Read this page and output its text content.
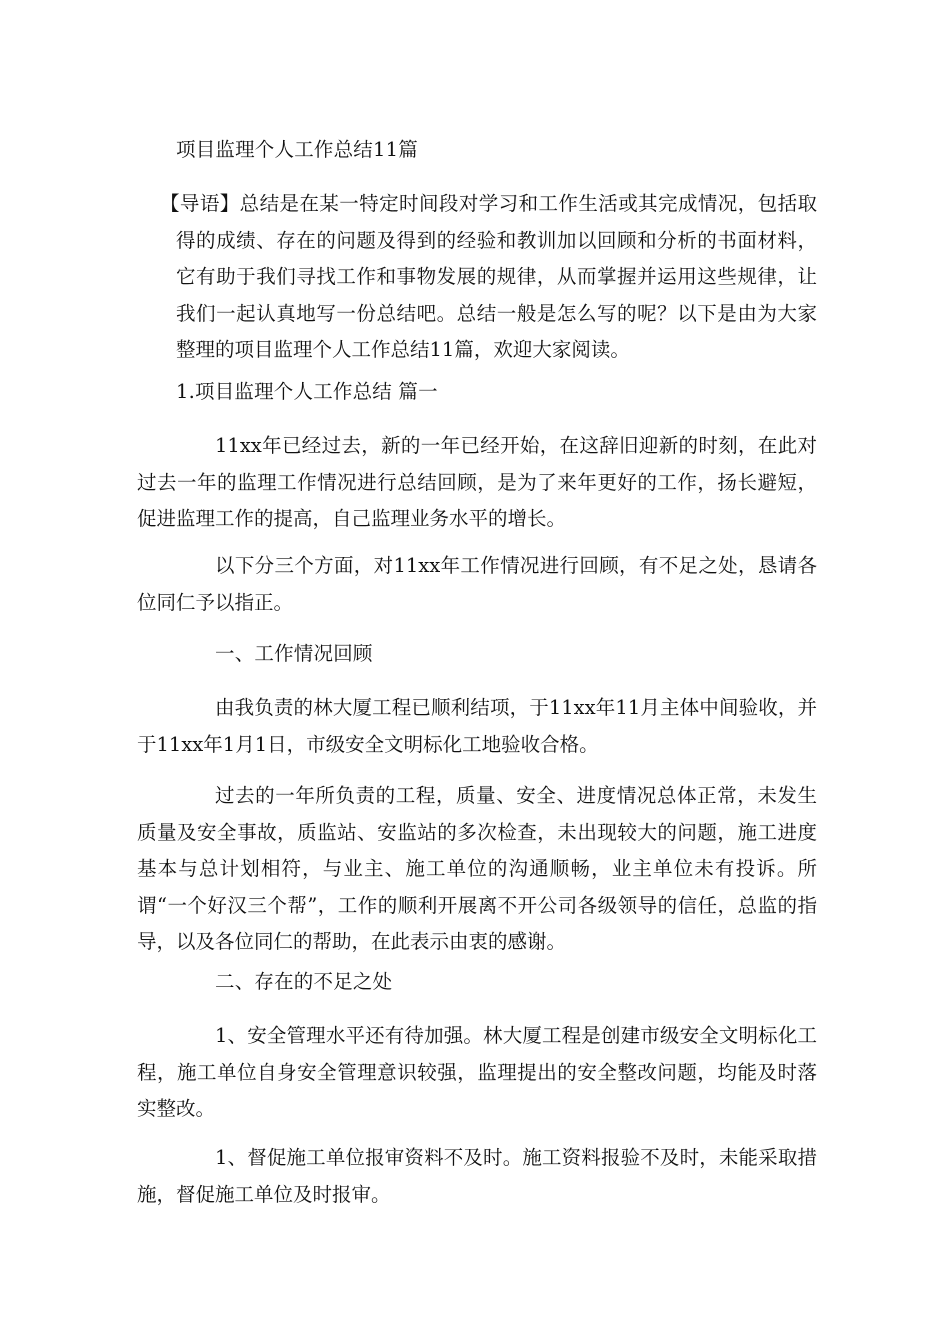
项目监理个人工作总结11篇
【导语】总结是在某一特定时间段对学习和工作生活或其完成情况，包括取得的成绩、存在的问题及得到的经验和教训加以回顾和分析的书面材料，它有助于我们寻找工作和事物发展的规律，从而掌握并运用这些规律，让我们一起认真地写一份总结吧。总结一般是怎么写的呢？以下是由为大家整理的项目监理个人工作总结11篇，欢迎大家阅读。
1.项目监理个人工作总结 篇一
11xx年已经过去，新的一年已经开始，在这辞旧迎新的时刻，在此对过去一年的监理工作情况进行总结回顾，是为了来年更好的工作，扬长避短，促进监理工作的提高，自己监理业务水平的增长。
以下分三个方面，对11xx年工作情况进行回顾，有不足之处，恳请各位同仁予以指正。
一、工作情况回顾
由我负责的林大厦工程已顺利结项，于11xx年11月主体中间验收，并于11xx年1月1日，市级安全文明标化工地验收合格。
过去的一年所负责的工程，质量、安全、进度情况总体正常，未发生质量及安全事故，质监站、安监站的多次检查，未出现较大的问题，施工进度基本与总计划相符，与业主、施工单位的沟通顺畅，业主单位未有投诉。所谓“一个好汉三个帮”，工作的顺利开展离不开公司各级领导的信任，总监的指导，以及各位同仁的帮助，在此表示由衷的感谢。
二、存在的不足之处
1、安全管理水平还有待加强。林大厦工程是创建市级安全文明标化工程，施工单位自身安全管理意识较强，监理提出的安全整改问题，均能及时落实整改。
1、督促施工单位报审资料不及时。施工资料报验不及时，未能采取措施，督促施工单位及时报审。
